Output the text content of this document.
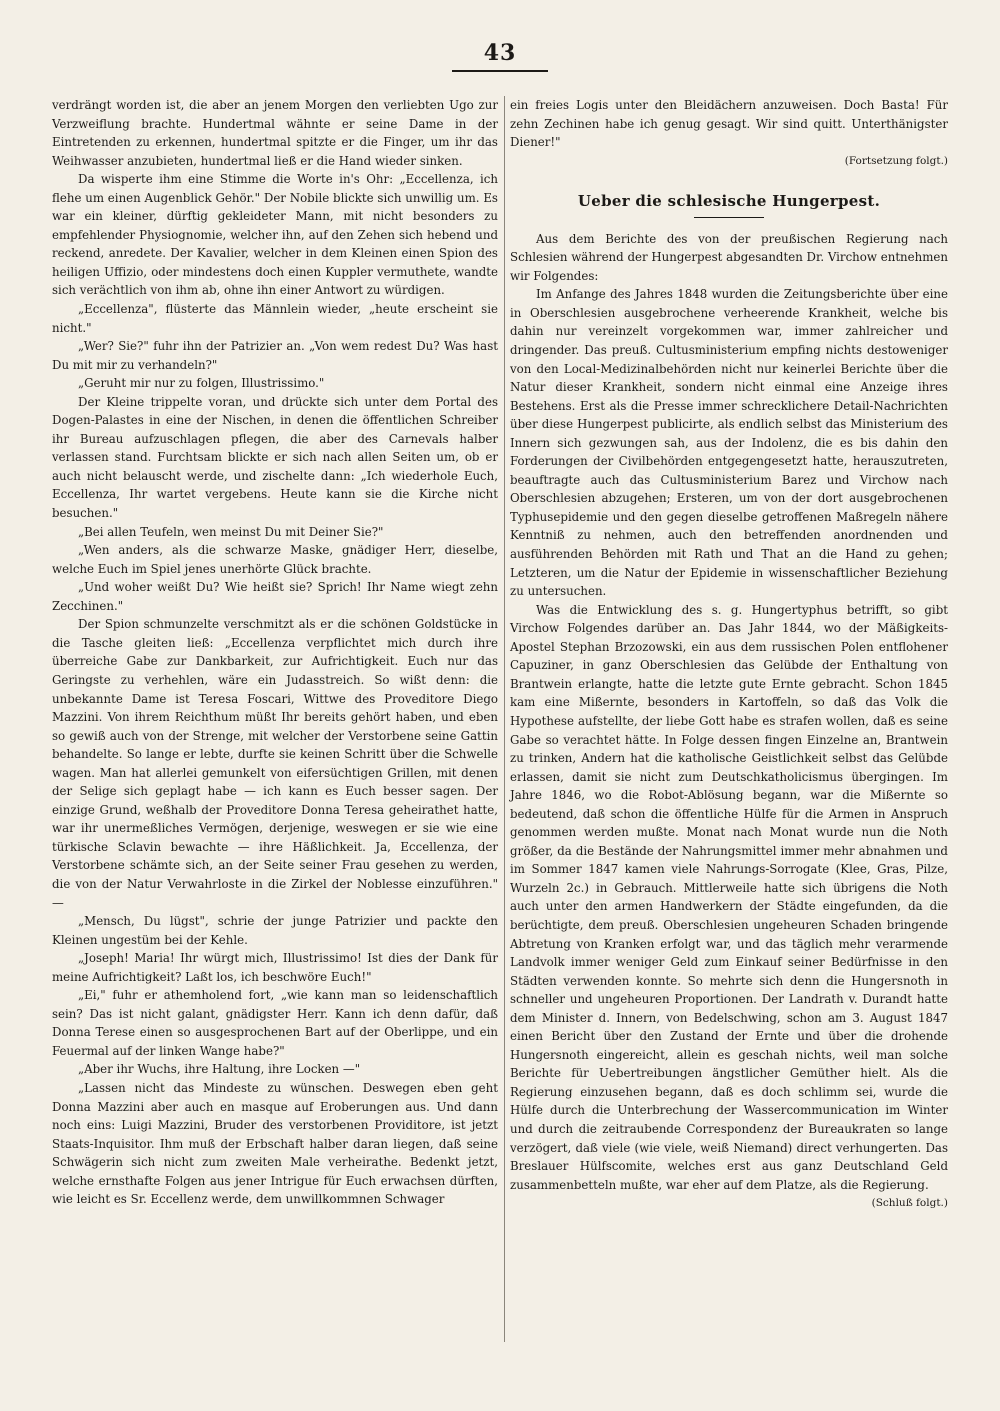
43

verdrängt worden ist, die aber an jenem Morgen den verliebten Ugo zur Verzweiflung brachte. Hundertmal wähnte er seine Dame in der Eintretenden zu erkennen, hundertmal spitzte er die Finger, um ihr das Weihwasser anzubieten, hundertmal ließ er die Hand wieder sinken.

Da wisperte ihm eine Stimme die Worte in's Ohr: „Eccellenza, ich flehe um einen Augenblick Gehör." Der Nobile blickte sich unwillig um. Es war ein kleiner, dürftig gekleideter Mann, mit nicht besonders zu empfehlender Physiognomie, welcher ihn, auf den Zehen sich hebend und reckend, anredete. Der Kavalier, welcher in dem Kleinen einen Spion des heiligen Uffizio, oder mindestens doch einen Kuppler vermuthete, wandte sich verächtlich von ihm ab, ohne ihn einer Antwort zu würdigen.

„Eccellenza", flüsterte das Männlein wieder, „heute erscheint sie nicht."

„Wer? Sie?" fuhr ihn der Patrizier an. „Von wem redest Du? Was hast Du mit mir zu verhandeln?"

„Geruht mir nur zu folgen, Illustrissimo."

Der Kleine trippelte voran, und drückte sich unter dem Portal des Dogen-Palastes in eine der Nischen, in denen die öffentlichen Schreiber ihr Bureau aufzuschlagen pflegen, die aber des Carnevals halber verlassen stand. Furchtsam blickte er sich nach allen Seiten um, ob er auch nicht belauscht werde, und zischelte dann: „Ich wiederhole Euch, Eccellenza, Ihr wartet vergebens. Heute kann sie die Kirche nicht besuchen."

„Bei allen Teufeln, wen meinst Du mit Deiner Sie?"

„Wen anders, als die schwarze Maske, gnädiger Herr, dieselbe, welche Euch im Spiel jenes unerhörte Glück brachte.

„Und woher weißt Du? Wie heißt sie? Sprich! Ihr Name wiegt zehn Zecchinen."

Der Spion schmunzelte verschmitzt als er die schönen Goldstücke in die Tasche gleiten ließ: „Eccellenza verpflichtet mich durch ihre überreiche Gabe zur Dankbarkeit, zur Aufrichtigkeit. Euch nur das Geringste zu verhehlen, wäre ein Judasstreich. So wißt denn: die unbekannte Dame ist Teresa Foscari, Wittwe des Proveditore Diego Mazzini. Von ihrem Reichthum müßt Ihr bereits gehört haben, und eben so gewiß auch von der Strenge, mit welcher der Verstorbene seine Gattin behandelte. So lange er lebte, durfte sie keinen Schritt über die Schwelle wagen. Man hat allerlei gemunkelt von eifersüchtigen Grillen, mit denen der Selige sich geplagt habe — ich kann es Euch besser sagen. Der einzige Grund, weßhalb der Proveditore Donna Teresa geheirathet hatte, war ihr unermeßliches Vermögen, derjenige, weswegen er sie wie eine türkische Sclavin bewachte — ihre Häßlichkeit. Ja, Eccellenza, der Verstorbene schämte sich, an der Seite seiner Frau gesehen zu werden, die von der Natur Verwahrloste in die Zirkel der Noblesse einzuführen." —

„Mensch, Du lügst", schrie der junge Patrizier und packte den Kleinen ungestüm bei der Kehle.

„Joseph! Maria! Ihr würgt mich, Illustrissimo! Ist dies der Dank für meine Aufrichtigkeit? Laßt los, ich beschwöre Euch!"

„Ei," fuhr er athemholend fort, „wie kann man so leidenschaftlich sein? Das ist nicht galant, gnädigster Herr. Kann ich denn dafür, daß Donna Terese einen so ausgesprochenen Bart auf der Oberlippe, und ein Feuermal auf der linken Wange habe?"

„Aber ihr Wuchs, ihre Haltung, ihre Locken —"

„Lassen nicht das Mindeste zu wünschen. Deswegen eben geht Donna Mazzini aber auch en masque auf Eroberungen aus. Und dann noch eins: Luigi Mazzini, Bruder des verstorbenen Providitore, ist jetzt Staats-Inquisitor. Ihm muß der Erbschaft halber daran liegen, daß seine Schwägerin sich nicht zum zweiten Male verheirathe. Bedenkt jetzt, welche ernsthafte Folgen aus jener Intrigue für Euch erwachsen dürften, wie leicht es Sr. Eccellenz werde, dem unwillkommnen Schwager

ein freies Logis unter den Bleidächern anzuweisen. Doch Basta! Für zehn Zechinen habe ich genug gesagt. Wir sind quitt. Unterthänigster Diener!"

(Fortsetzung folgt.)
Ueber die schlesische Hungerpest.

Aus dem Berichte des von der preußischen Regierung nach Schlesien während der Hungerpest abgesandten Dr. Virchow entnehmen wir Folgendes:

Im Anfange des Jahres 1848 wurden die Zeitungsberichte über eine in Oberschlesien ausgebrochene verheerende Krankheit, welche bis dahin nur vereinzelt vorgekommen war, immer zahlreicher und dringender. Das preuß. Cultusministerium empfing nichts destoweniger von den Local-Medizinalbehörden nicht nur keinerlei Berichte über die Natur dieser Krankheit, sondern nicht einmal eine Anzeige ihres Bestehens. Erst als die Presse immer schrecklichere Detail-Nachrichten über diese Hungerpest publicirte, als endlich selbst das Ministerium des Innern sich gezwungen sah, aus der Indolenz, die es bis dahin den Forderungen der Civilbehörden entgegengesetzt hatte, herauszutreten, beauftragte auch das Cultusministerium Barez und Virchow nach Oberschlesien abzugehen; Ersteren, um von der dort ausgebrochenen Typhusepidemie und den gegen dieselbe getroffenen Maßregeln nähere Kenntniß zu nehmen, auch den betreffenden anordnenden und ausführenden Behörden mit Rath und That an die Hand zu gehen; Letzteren, um die Natur der Epidemie in wissenschaftlicher Beziehung zu untersuchen.

Was die Entwicklung des s. g. Hungertyphus betrifft, so gibt Virchow Folgendes darüber an. Das Jahr 1844, wo der Mäßigkeits-Apostel Stephan Brzozowski, ein aus dem russischen Polen entflohener Capuziner, in ganz Oberschlesien das Gelübde der Enthaltung von Brantwein erlangte, hatte die letzte gute Ernte gebracht. Schon 1845 kam eine Mißernte, besonders in Kartoffeln, so daß das Volk die Hypothese aufstellte, der liebe Gott habe es strafen wollen, daß es seine Gabe so verachtet hätte. In Folge dessen fingen Einzelne an, Brantwein zu trinken, Andern hat die katholische Geistlichkeit selbst das Gelübde erlassen, damit sie nicht zum Deutschkatholicismus übergingen. Im Jahre 1846, wo die Robot-Ablösung begann, war die Mißernte so bedeutend, daß schon die öffentliche Hülfe für die Armen in Anspruch genommen werden mußte. Monat nach Monat wurde nun die Noth größer, da die Bestände der Nahrungsmittel immer mehr abnahmen und im Sommer 1847 kamen viele Nahrungs-Sorrogate (Klee, Gras, Pilze, Wurzeln 2c.) in Gebrauch. Mittlerweile hatte sich übrigens die Noth auch unter den armen Handwerkern der Städte eingefunden, da die berüchtigte, dem preuß. Oberschlesien ungeheuren Schaden bringende Abtretung von Kranken erfolgt war, und das täglich mehr verarmende Landvolk immer weniger Geld zum Einkauf seiner Bedürfnisse in den Städten verwenden konnte. So mehrte sich denn die Hungersnoth in schneller und ungeheuren Proportionen. Der Landrath v. Durandt hatte dem Minister d. Innern, von Bedelschwing, schon am 3. August 1847 einen Bericht über den Zustand der Ernte und über die drohende Hungersnoth eingereicht, allein es geschah nichts, weil man solche Berichte für Uebertreibungen ängstlicher Gemüther hielt. Als die Regierung einzusehen begann, daß es doch schlimm sei, wurde die Hülfe durch die Unterbrechung der Wassercommunication im Winter und durch die zeitraubende Correspondenz der Bureaukraten so lange verzögert, daß viele (wie viele, weiß Niemand) direct verhungerten. Das Breslauer Hülfscomite, welches erst aus ganz Deutschland Geld zusammenbetteln mußte, war eher auf dem Platze, als die Regierung.

(Schluß folgt.)
